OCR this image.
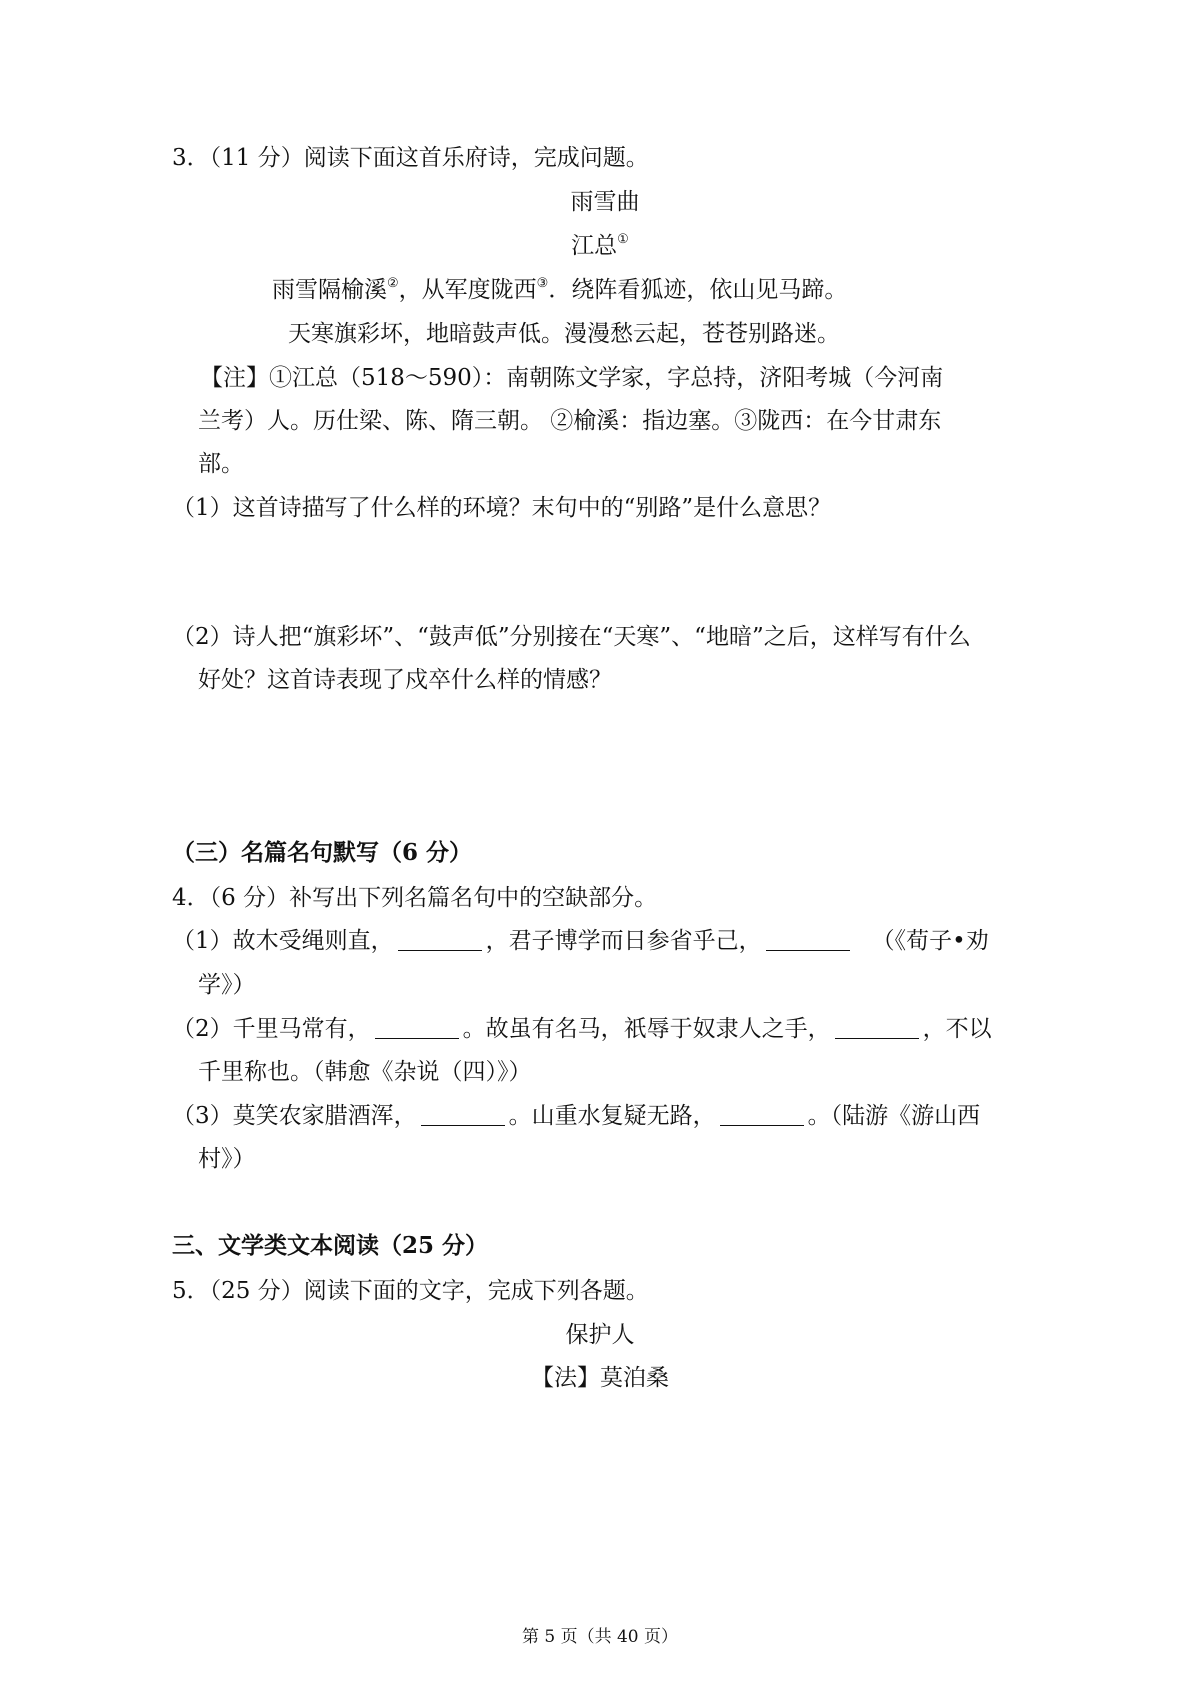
3．（11 分）阅读下面这首乐府诗，完成问题。
雨雪曲
江总①
雨雪隔榆溪②，从军度陇西③．绕阵看狐迹，依山见马蹄。
天寒旗彩坏，地暗鼓声低。漫漫愁云起，苍苍别路迷。
【注】①江总（518～590）：南朝陈文学家，字总持，济阳考城（今河南
兰考）人。历仕梁、陈、隋三朝。 ②榆溪：指边塞。③陇西：在今甘肃东
部。
（1）这首诗描写了什么样的环境？末句中的“别路”是什么意思？
（2）诗人把“旗彩坏”、“鼓声低”分别接在“天寒”、“地暗”之后，这样写有什么
好处？这首诗表现了戍卒什么样的情感？
（三）名篇名句默写（6 分）
4．（6 分）补写出下列名篇名句中的空缺部分。
（1）故木受绳则直，	，君子博学而日参省乎己，	（《荀子•劝
学》）
（2）千里马常有，	。故虽有名马，祇辱于奴隶人之手，	，不以
千里称也。（韩愈《杂说（四）》）
（3）莫笑农家腊酒浑，	。山重水复疑无路，	。（陆游《游山西
村》）
三、文学类文本阅读（25 分）
5．（25 分）阅读下面的文字，完成下列各题。
保护人
【法】莫泊桑
第 5 页（共 40 页）
